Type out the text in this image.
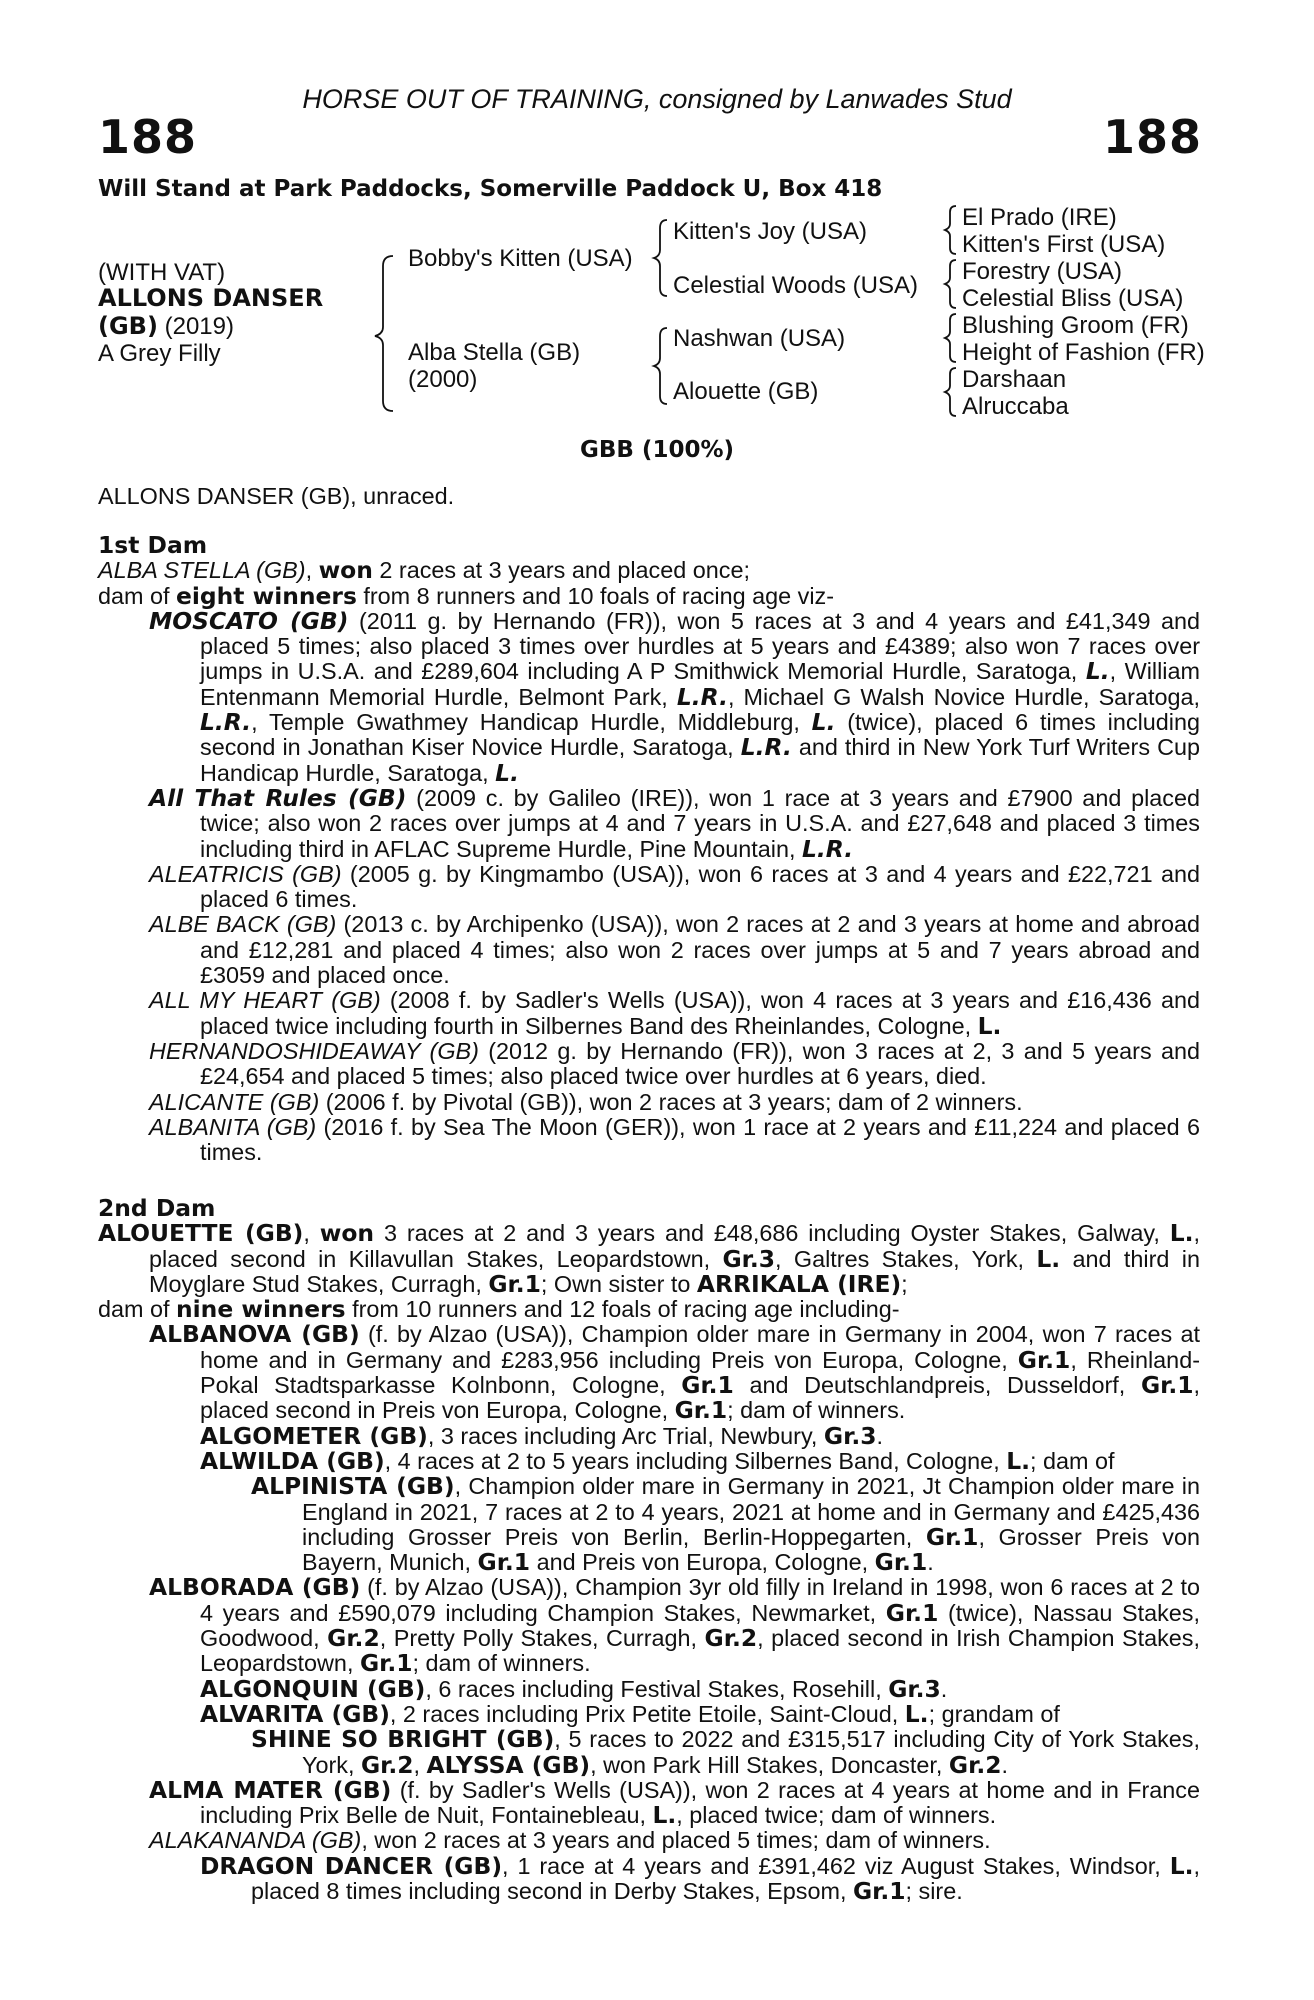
HORSE OUT OF TRAINING, consigned by Lanwades Stud
188	188
Will Stand at Park Paddocks, Somerville Paddock U, Box 418
(WITH VAT)
ALLONS DANSER
(GB) (2019)
A Grey Filly
Bobby's Kitten (USA)
Alba Stella (GB)
(2000)
Kitten's Joy (USA)
Celestial Woods (USA)
Nashwan (USA)
Alouette (GB)
El Prado (IRE)
Kitten's First (USA)
Forestry (USA)
Celestial Bliss (USA)
Blushing Groom (FR)
Height of Fashion (FR)
Darshaan
Alruccaba
GBB (100%)
ALLONS DANSER (GB), unraced.

1st Dam

ALBA STELLA (GB), won 2 races at 3 years and placed once;

dam of eight winners from 8 runners and 10 foals of racing age viz-

MOSCATO (GB) (2011 g. by Hernando (FR)), won 5 races at 3 and 4 years and £41,349 and placed 5 times; also placed 3 times over hurdles at 5 years and £4389; also won 7 races over jumps in U.S.A. and £289,604 including A P Smithwick Memorial Hurdle, Saratoga, L., William Entenmann Memorial Hurdle, Belmont Park, L.R., Michael G Walsh Novice Hurdle, Saratoga, L.R., Temple Gwathmey Handicap Hurdle, Middleburg, L. (twice), placed 6 times including second in Jonathan Kiser Novice Hurdle, Saratoga, L.R. and third in New York Turf Writers Cup Handicap Hurdle, Saratoga, L.

All That Rules (GB) (2009 c. by Galileo (IRE)), won 1 race at 3 years and £7900 and placed twice; also won 2 races over jumps at 4 and 7 years in U.S.A. and £27,648 and placed 3 times including third in AFLAC Supreme Hurdle, Pine Mountain, L.R.

ALEATRICIS (GB) (2005 g. by Kingmambo (USA)), won 6 races at 3 and 4 years and £22,721 and placed 6 times.

ALBE BACK (GB) (2013 c. by Archipenko (USA)), won 2 races at 2 and 3 years at home and abroad and £12,281 and placed 4 times; also won 2 races over jumps at 5 and 7 years abroad and £3059 and placed once.

ALL MY HEART (GB) (2008 f. by Sadler's Wells (USA)), won 4 races at 3 years and £16,436 and placed twice including fourth in Silbernes Band des Rheinlandes, Cologne, L.

HERNANDOSHIDEAWAY (GB) (2012 g. by Hernando (FR)), won 3 races at 2, 3 and 5 years and £24,654 and placed 5 times; also placed twice over hurdles at 6 years, died.

ALICANTE (GB) (2006 f. by Pivotal (GB)), won 2 races at 3 years; dam of 2 winners.

ALBANITA (GB) (2016 f. by Sea The Moon (GER)), won 1 race at 2 years and £11,224 and placed 6 times.

2nd Dam

ALOUETTE (GB), won 3 races at 2 and 3 years and £48,686 including Oyster Stakes, Galway, L., placed second in Killavullan Stakes, Leopardstown, Gr.3, Galtres Stakes, York, L. and third in Moyglare Stud Stakes, Curragh, Gr.1; Own sister to ARRIKALA (IRE);

dam of nine winners from 10 runners and 12 foals of racing age including-

ALBANOVA (GB) (f. by Alzao (USA)), Champion older mare in Germany in 2004, won 7 races at home and in Germany and £283,956 including Preis von Europa, Cologne, Gr.1, Rheinland-Pokal Stadtsparkasse Kolnbonn, Cologne, Gr.1 and Deutschlandpreis, Dusseldorf, Gr.1, placed second in Preis von Europa, Cologne, Gr.1; dam of winners.

ALGOMETER (GB), 3 races including Arc Trial, Newbury, Gr.3.

ALWILDA (GB), 4 races at 2 to 5 years including Silbernes Band, Cologne, L.; dam of

ALPINISTA (GB), Champion older mare in Germany in 2021, Jt Champion older mare in England in 2021, 7 races at 2 to 4 years, 2021 at home and in Germany and £425,436 including Grosser Preis von Berlin, Berlin-Hoppegarten, Gr.1, Grosser Preis von Bayern, Munich, Gr.1 and Preis von Europa, Cologne, Gr.1.

ALBORADA (GB) (f. by Alzao (USA)), Champion 3yr old filly in Ireland in 1998, won 6 races at 2 to 4 years and £590,079 including Champion Stakes, Newmarket, Gr.1 (twice), Nassau Stakes, Goodwood, Gr.2, Pretty Polly Stakes, Curragh, Gr.2, placed second in Irish Champion Stakes, Leopardstown, Gr.1; dam of winners.

ALGONQUIN (GB), 6 races including Festival Stakes, Rosehill, Gr.3.

ALVARITA (GB), 2 races including Prix Petite Etoile, Saint-Cloud, L.; grandam of

SHINE SO BRIGHT (GB), 5 races to 2022 and £315,517 including City of York Stakes, York, Gr.2, ALYSSA (GB), won Park Hill Stakes, Doncaster, Gr.2.

ALMA MATER (GB) (f. by Sadler's Wells (USA)), won 2 races at 4 years at home and in France including Prix Belle de Nuit, Fontainebleau, L., placed twice; dam of winners.

ALAKANANDA (GB), won 2 races at 3 years and placed 5 times; dam of winners.

DRAGON DANCER (GB), 1 race at 4 years and £391,462 viz August Stakes, Windsor, L., placed 8 times including second in Derby Stakes, Epsom, Gr.1; sire.
